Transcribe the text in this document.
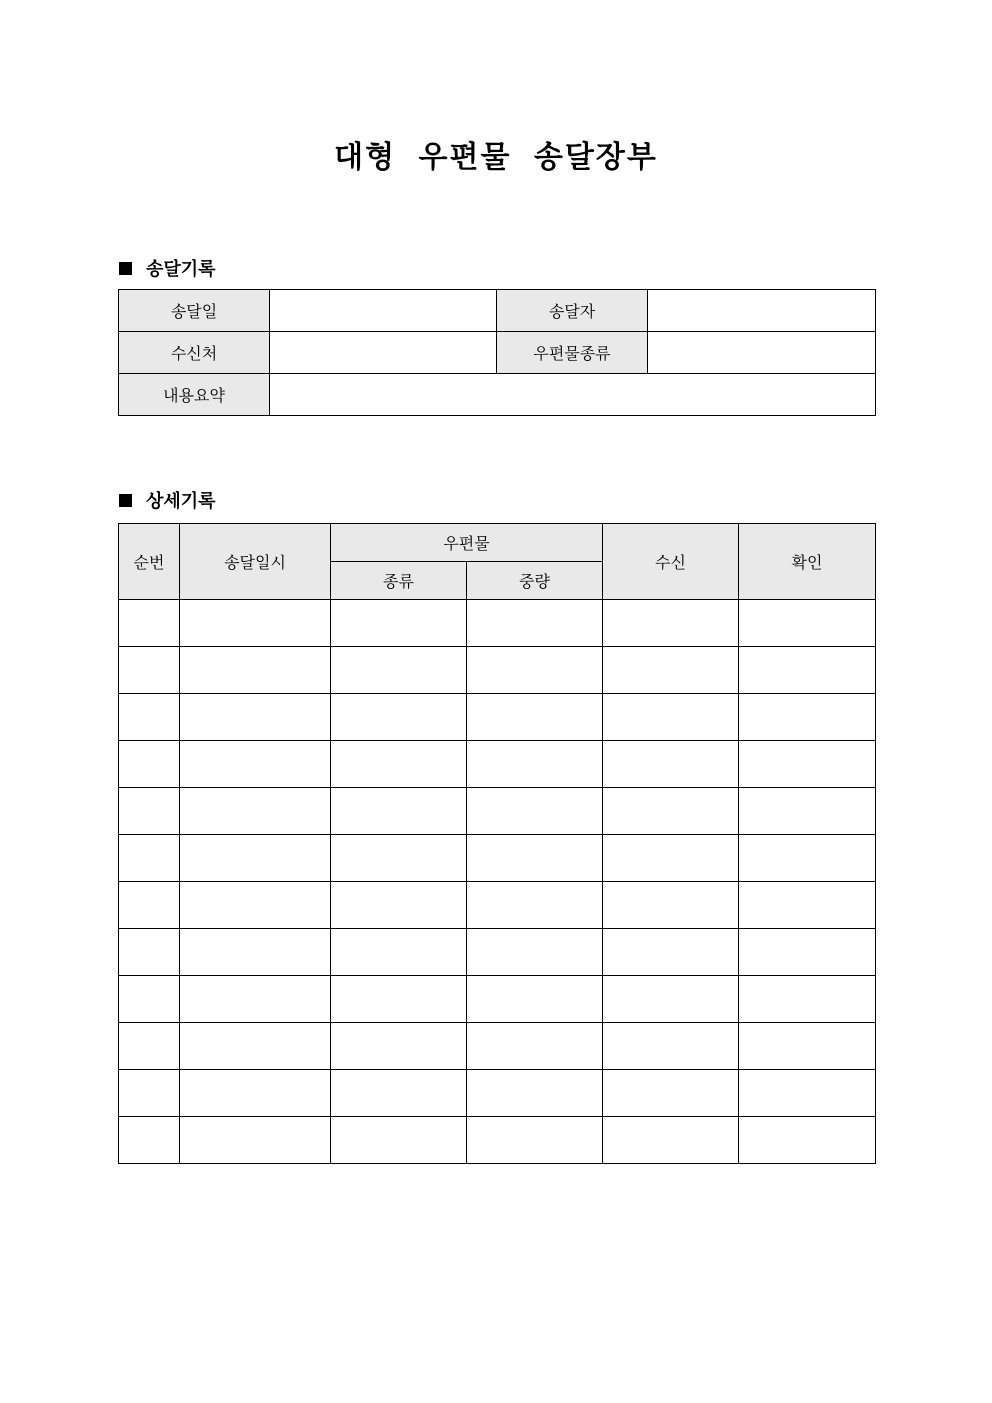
대형 우편물 송달장부
송달기록
송달일		송달자	
수신처		우편물종류	
내용요약			
상세기록
순번	송달일시	우편물		수신	확인
		종류	중량		
